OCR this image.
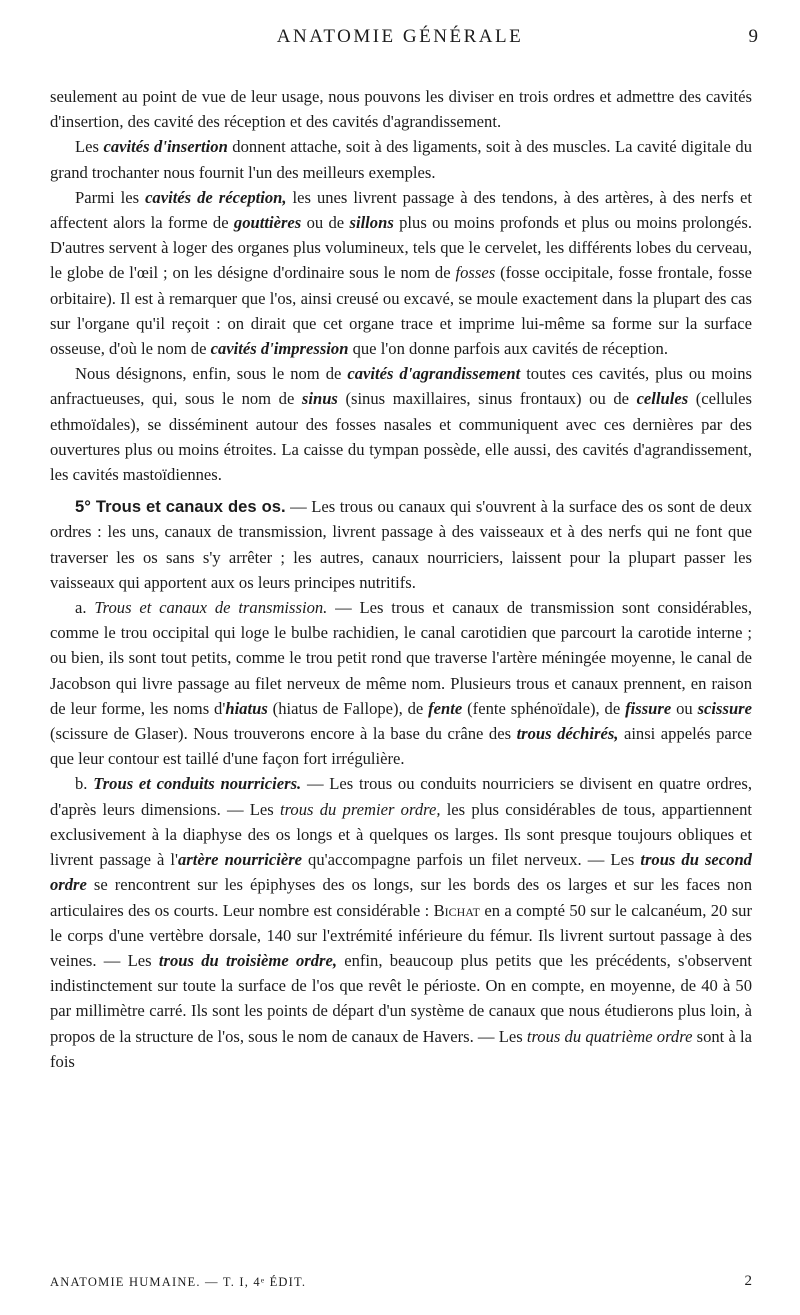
ANATOMIE GÉNÉRALE	9

seulement au point de vue de leur usage, nous pouvons les diviser en trois ordres et admettre des cavités d'insertion, des cavité des réception et des cavités d'agrandissement.

Les cavités d'insertion donnent attache, soit à des ligaments, soit à des muscles. La cavité digitale du grand trochanter nous fournit l'un des meilleurs exemples.

Parmi les cavités de réception, les unes livrent passage à des tendons, à des artères, à des nerfs et affectent alors la forme de gouttières ou de sillons plus ou moins profonds et plus ou moins prolongés. D'autres servent à loger des organes plus volumineux, tels que le cervelet, les différents lobes du cerveau, le globe de l'œil ; on les désigne d'ordinaire sous le nom de fosses (fosse occipitale, fosse frontale, fosse orbitaire). Il est à remarquer que l'os, ainsi creusé ou excavé, se moule exactement dans la plupart des cas sur l'organe qu'il reçoit : on dirait que cet organe trace et imprime lui-même sa forme sur la surface osseuse, d'où le nom de cavités d'impression que l'on donne parfois aux cavités de réception.

Nous désignons, enfin, sous le nom de cavités d'agrandissement toutes ces cavités, plus ou moins anfractueuses, qui, sous le nom de sinus (sinus maxillaires, sinus frontaux) ou de cellules (cellules ethmoïdales), se disséminent autour des fosses nasales et communiquent avec ces dernières par des ouvertures plus ou moins étroites. La caisse du tympan possède, elle aussi, des cavités d'agrandissement, les cavités mastoïdiennes.

5° Trous et canaux des os. — Les trous ou canaux qui s'ouvrent à la surface des os sont de deux ordres : les uns, canaux de transmission, livrent passage à des vaisseaux et à des nerfs qui ne font que traverser les os sans s'y arrêter ; les autres, canaux nourriciers, laissent pour la plupart passer les vaisseaux qui apportent aux os leurs principes nutritifs.

a. Trous et canaux de transmission. — Les trous et canaux de transmission sont considérables, comme le trou occipital qui loge le bulbe rachidien, le canal carotidien que parcourt la carotide interne ; ou bien, ils sont tout petits, comme le trou petit rond que traverse l'artère méningée moyenne, le canal de Jacobson qui livre passage au filet nerveux de même nom. Plusieurs trous et canaux prennent, en raison de leur forme, les noms d'hiatus (hiatus de Fallope), de fente (fente sphénoïdale), de fissure ou scissure (scissure de Glaser). Nous trouverons encore à la base du crâne des trous déchirés, ainsi appelés parce que leur contour est taillé d'une façon fort irrégulière.

b. Trous et conduits nourriciers. — Les trous ou conduits nourriciers se divisent en quatre ordres, d'après leurs dimensions. — Les trous du premier ordre, les plus considérables de tous, appartiennent exclusivement à la diaphyse des os longs et à quelques os larges. Ils sont presque toujours obliques et livrent passage à l'artère nourricière qu'accompagne parfois un filet nerveux. — Les trous du second ordre se rencontrent sur les épiphyses des os longs, sur les bords des os larges et sur les faces non articulaires des os courts. Leur nombre est considérable : Bichat en a compté 50 sur le calcanéum, 20 sur le corps d'une vertèbre dorsale, 140 sur l'extrémité inférieure du fémur. Ils livrent surtout passage à des veines. — Les trous du troisième ordre, enfin, beaucoup plus petits que les précédents, s'observent indistinctement sur toute la surface de l'os que revêt le périoste. On en compte, en moyenne, de 40 à 50 par millimètre carré. Ils sont les points de départ d'un système de canaux que nous étudierons plus loin, à propos de la structure de l'os, sous le nom de canaux de Havers. — Les trous du quatrième ordre sont à la fois

ANATOMIE HUMAINE. — T. I, 4ᵉ ÉDIT.	2
